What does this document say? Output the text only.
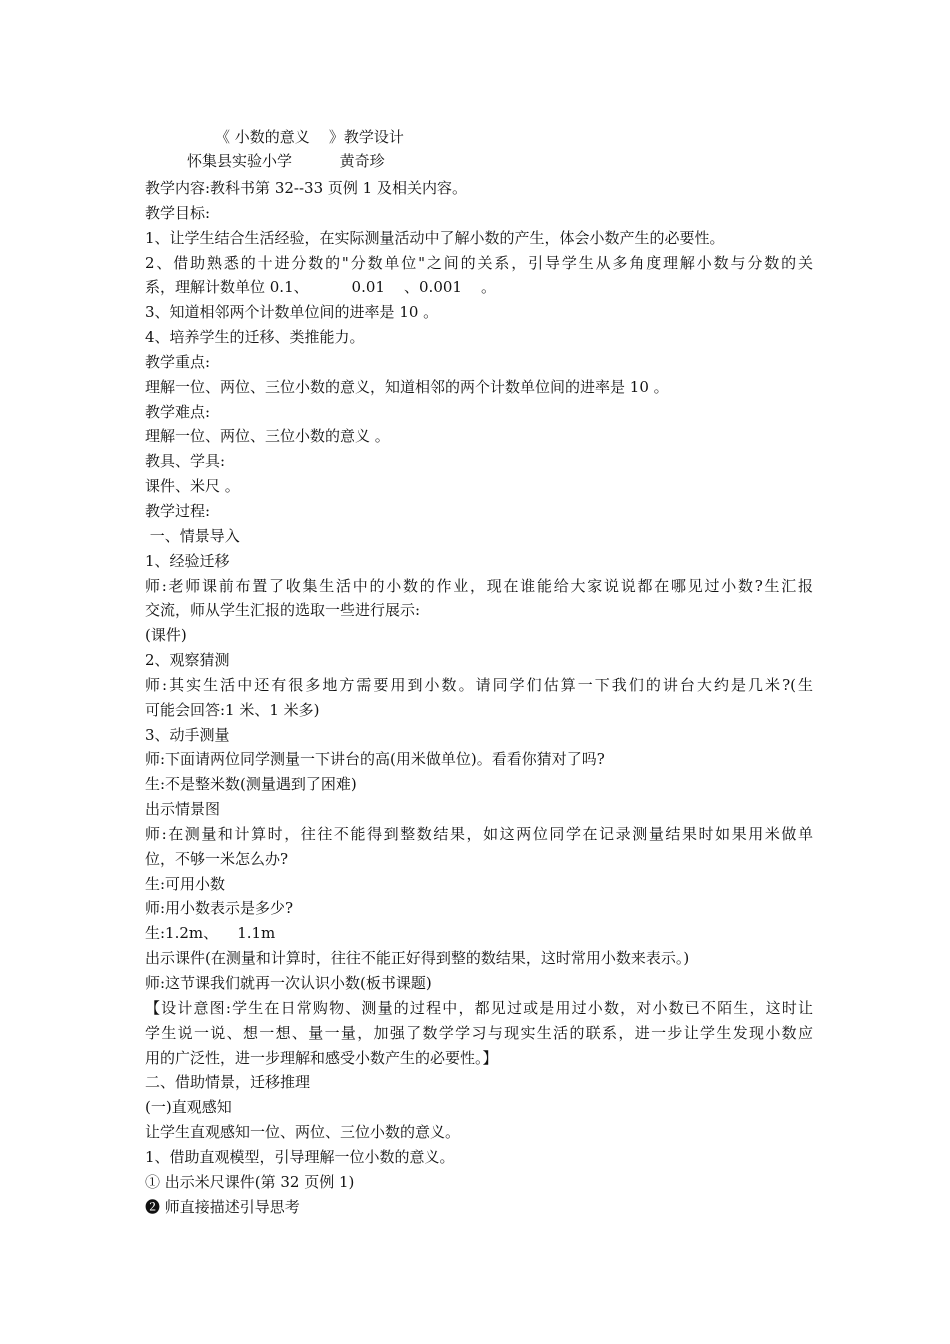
《 小数的意义    》教学设计
怀集县实验小学          黄奇珍
教学内容:教科书第 32--33 页例 1 及相关内容。
教学目标:
1、让学生结合生活经验，在实际测量活动中了解小数的产生，体会小数产生的必要性。
2、借助熟悉的十进分数的"分数单位"之间的关系，引导学生从多角度理解小数与分数的关
系，理解计数单位 0.1、         0.01    、0.001    。
3、知道相邻两个计数单位间的进率是 10 。
4、培养学生的迁移、类推能力。
教学重点:
理解一位、两位、三位小数的意义，知道相邻的两个计数单位间的进率是 10 。
教学难点:
理解一位、两位、三位小数的意义 。
教具、学具:
课件、米尺 。
教学过程:
一、情景导入
1、经验迁移
师:老师课前布置了收集生活中的小数的作业，现在谁能给大家说说都在哪见过小数?生汇报
交流，师从学生汇报的选取一些进行展示:
(课件)
2、观察猜测
师:其实生活中还有很多地方需要用到小数。请同学们估算一下我们的讲台大约是几米?(生
可能会回答:1 米、1 米多)
3、动手测量
师:下面请两位同学测量一下讲台的高(用米做单位)。看看你猜对了吗?
生:不是整米数(测量遇到了困难)
出示情景图
师:在测量和计算时，往往不能得到整数结果，如这两位同学在记录测量结果时如果用米做单
位，不够一米怎么办?
生:可用小数
师:用小数表示是多少?
生:1.2m、    1.1m
出示课件(在测量和计算时，往往不能正好得到整的数结果，这时常用小数来表示。)
师:这节课我们就再一次认识小数(板书课题)
【设计意图:学生在日常购物、测量的过程中，都见过或是用过小数，对小数已不陌生，这时让
学生说一说、想一想、量一量，加强了数学学习与现实生活的联系，进一步让学生发现小数应
用的广泛性，进一步理解和感受小数产生的必要性。】
二、借助情景，迁移推理
(一)直观感知
让学生直观感知一位、两位、三位小数的意义。
1、借助直观模型，引导理解一位小数的意义。
① 出示米尺课件(第 32 页例 1)
❷ 师直接描述引导思考
